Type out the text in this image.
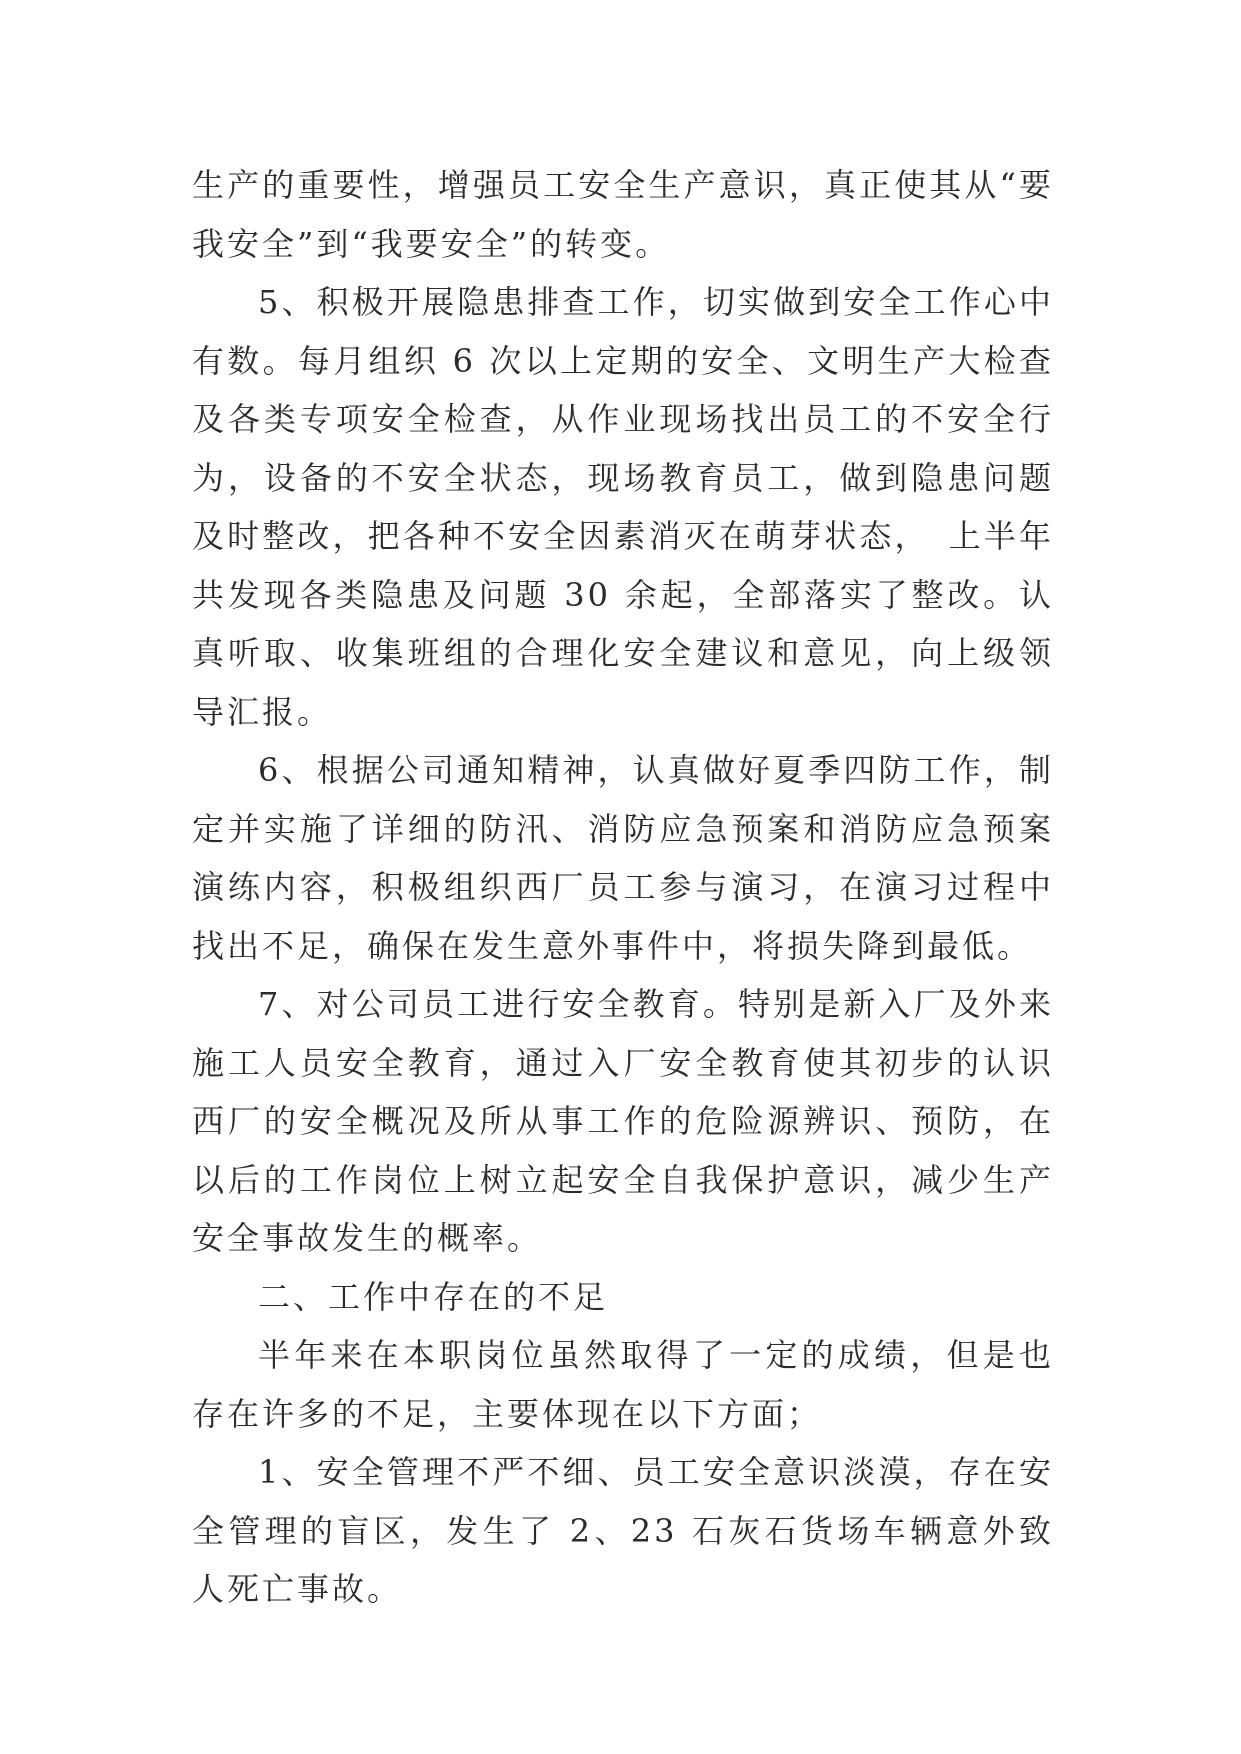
生产的重要性，增强员工安全生产意识，真正使其从“要我安全”到“我要安全”的转变。

5、积极开展隐患排查工作，切实做到安全工作心中有数。每月组织 6 次以上定期的安全、文明生产大检查及各类专项安全检查，从作业现场找出员工的不安全行为，设备的不安全状态，现场教育员工，做到隐患问题及时整改，把各种不安全因素消灭在萌芽状态，　上半年共发现各类隐患及问题 30 余起，全部落实了整改。认真听取、收集班组的合理化安全建议和意见，向上级领导汇报。

6、根据公司通知精神，认真做好夏季四防工作，制定并实施了详细的防汛、消防应急预案和消防应急预案演练内容，积极组织西厂员工参与演习，在演习过程中找出不足，确保在发生意外事件中，将损失降到最低。

7、对公司员工进行安全教育。特别是新入厂及外来施工人员安全教育，通过入厂安全教育使其初步的认识西厂的安全概况及所从事工作的危险源辨识、预防，在以后的工作岗位上树立起安全自我保护意识，减少生产安全事故发生的概率。

二、工作中存在的不足

半年来在本职岗位虽然取得了一定的成绩，但是也存在许多的不足，主要体现在以下方面；

1、安全管理不严不细、员工安全意识淡漠，存在安全管理的盲区，发生了 2、23 石灰石货场车辆意外致人死亡事故。
